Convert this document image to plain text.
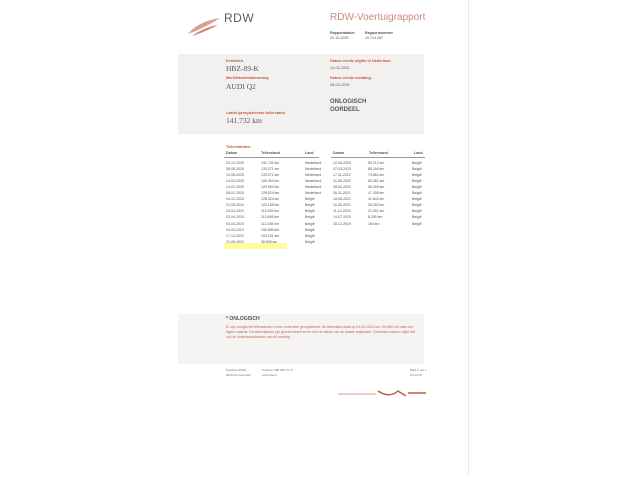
RDW	RDW-Voertuigrapport
Rapportdatum
20-10-2025
Rapportnummer
29.714.267
Kenteken
HBZ-89-K
Merk/Handelsbenaming
AUDI Q2
Laatst geregistreerde tellerstand
141.732 km
Datum eerste afgifte in Nederland
14-02-2023
Datum eerste toelating
28-03-2019
ONLOGISCH
OORDEEL
Tellerstanden
Datum	Tellerstand	Land	Datum	Tellerstand	Land
20-10-2025	141.732 km	Nederland
08-08-2025	133.371 km	Nederland
10-05-2025	133.071 km	Nederland
14-02-2025	126.363 km	Nederland
14-02-2025	129.562 km	Nederland
08-01-2025	125.524 km	Nederland
04-12-2024	128.324 km	België
21-08-2024	122.165 km	België
24-04-2024	114.929 km	België
22-04-2024	112.695 km	België
03-04-2024	111.028 km	België
04-03-2024	190.580 km	België
17-12-2023	103.101 km	België
21-06-2023	98.609 km	België
12-06-2023	89.212 km	België
07-03-2023	80.294 km	België
17-11-2022	73.864 km	België
31-08-2022	63.361 km	België
28-04-2022	56.266 km	België
26-11-2021	47.308 km	België
16-08-2021	41.843 km	België
10-05-2021	26.263 km	België
11-12-2020	21.051 km	België
14-07-2020	8.290 km	België
18-12-2019	164 km	België
* ONLOGISCH
Er zijn onlogische tellerstanden in een onderdeel geregistreerd: de tellerstand daalt op 04-03-2024 van 190.580 km naar een lagere waarde. De tellerstanden zijn gecontroleerd tot en met de datum van de laatste registratie. Controleer daarom altijd zelf ook de onderhoudshistorie van dit voertuig.
Postbus 30000
9640 RA Veendam
Telefoon 088 008 70 47
www.rdw.nl
Blad 1 van 1
2.0.1078
